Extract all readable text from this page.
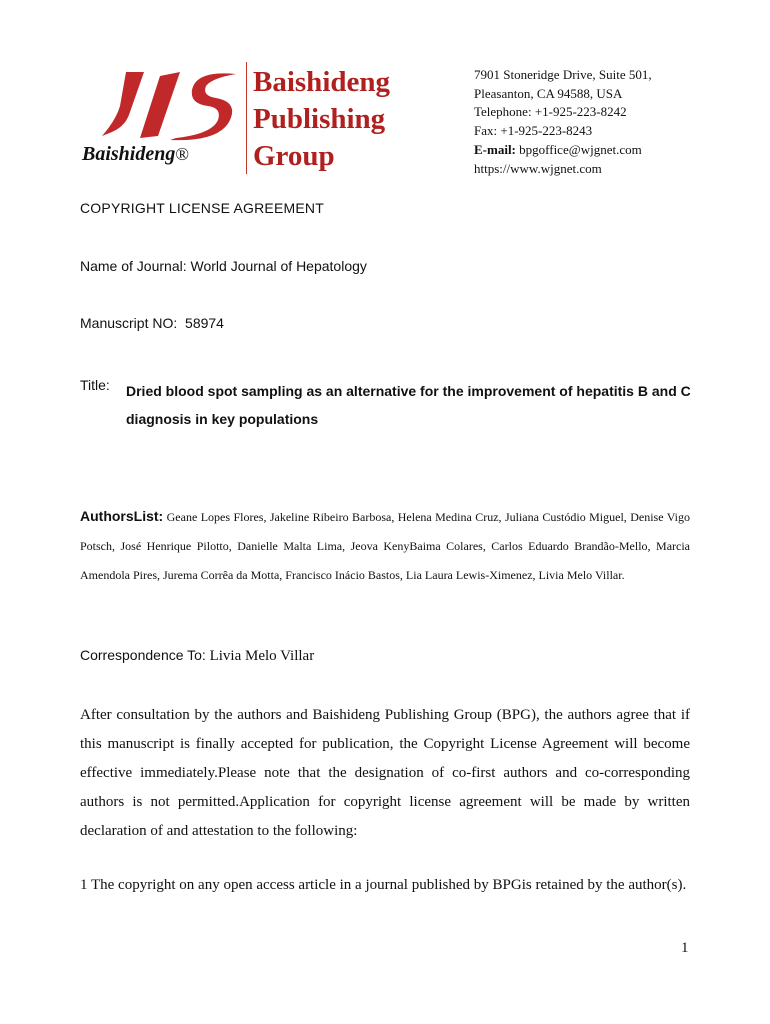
Baishideng®
Baishideng
Publishing
Group
7901 Stoneridge Drive, Suite 501,
Pleasanton, CA 94588, USA
Telephone: +1-925-223-8242
Fax: +1-925-223-8243
E-mail: bpgoffice@wjgnet.com
https://www.wjgnet.com
COPYRIGHT LICENSE AGREEMENT
Name of Journal: World Journal of Hepatology
Manuscript NO: 58974
Title: Dried blood spot sampling as an alternative for the improvement of hepatitis B and C diagnosis in key populations
AuthorsList: Geane Lopes Flores, Jakeline Ribeiro Barbosa, Helena Medina Cruz, Juliana Custódio Miguel, Denise Vigo Potsch, José Henrique Pilotto, Danielle Malta Lima, Jeova KenyBaima Colares, Carlos Eduardo Brandão-Mello, Marcia Amendola Pires, Jurema Corrêa da Motta, Francisco Inácio Bastos, Lia Laura Lewis-Ximenez, Livia Melo Villar.
Correspondence To: Livia Melo Villar
After consultation by the authors and Baishideng Publishing Group (BPG), the authors agree that if this manuscript is finally accepted for publication, the Copyright License Agreement will become effective immediately.Please note that the designation of co-first authors and co-corresponding authors is not permitted.Application for copyright license agreement will be made by written declaration of and attestation to the following:
1 The copyright on any open access article in a journal published by BPGis retained by the author(s).
1
